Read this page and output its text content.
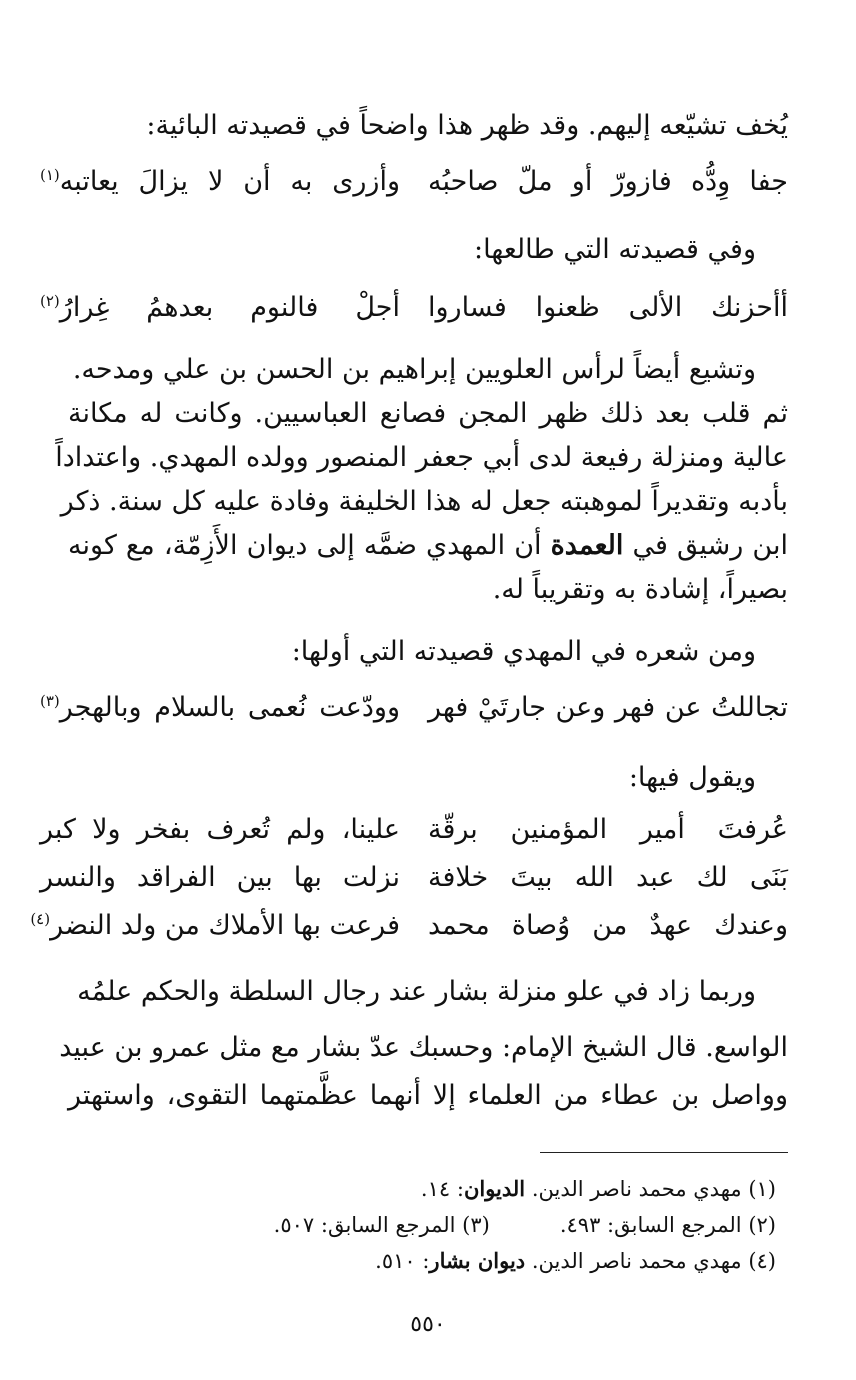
يُخف تشيّعه إليهم. وقد ظهر هذا واضحاً في قصيدته البائية:
جفا وِدُّه فازورّ أو ملّ صاحبُه
وأزرى به أن لا يزالَ يعاتبه$^{(١)}$
وفي قصيدته التي طالعها:
أأحزنك الألى ظعنوا فساروا
أجلْ فالنوم بعدهمُ غِرارُ$^{(٢)}$
وتشيع أيضاً لرأس العلويين إبراهيم بن الحسن بن علي ومدحه.
ثم قلب بعد ذلك ظهر المجن فصانع العباسيين. وكانت له مكانة
عالية ومنزلة رفيعة لدى أبي جعفر المنصور وولده المهدي. واعتداداً
بأدبه وتقديراً لموهبته جعل له هذا الخليفة وفادة عليه كل سنة. ذكر
ابن رشيق في العمدة أن المهدي ضمَّه إلى ديوان الأَزِمّة، مع كونه
بصيراً، إشادة به وتقريباً له.
ومن شعره في المهدي قصيدته التي أولها:
تجاللتُ عن فهر وعن جارتَيْ فهر
وودّعت نُعمى بالسلام وبالهجر$^{(٣)}$
ويقول فيها:
عُرفتَ أمير المؤمنين برقّة
علينا، ولم تُعرف بفخر ولا كبر
بَنَى لك عبد الله بيتَ خلافة
نزلت بها بين الفراقد والنسر
وعندك عهدٌ من وُصاة محمد
فرعت بها الأملاك من ولد النضر$^{(٤)}$
وربما زاد في علو منزلة بشار عند رجال السلطة والحكم علمُه
الواسع. قال الشيخ الإمام: وحسبك عدّ بشار مع مثل عمرو بن عبيد
وواصل بن عطاء من العلماء إلا أنهما عظَّمتهما التقوى، واستهتر
(١) مهدي محمد ناصر الدين. الديوان: ١٤.
(٢) المرجع السابق: ٤٩٣.(٣) المرجع السابق: ٥٠٧.
(٤) مهدي محمد ناصر الدين. ديوان بشار: ٥١٠.
٥٥٠
